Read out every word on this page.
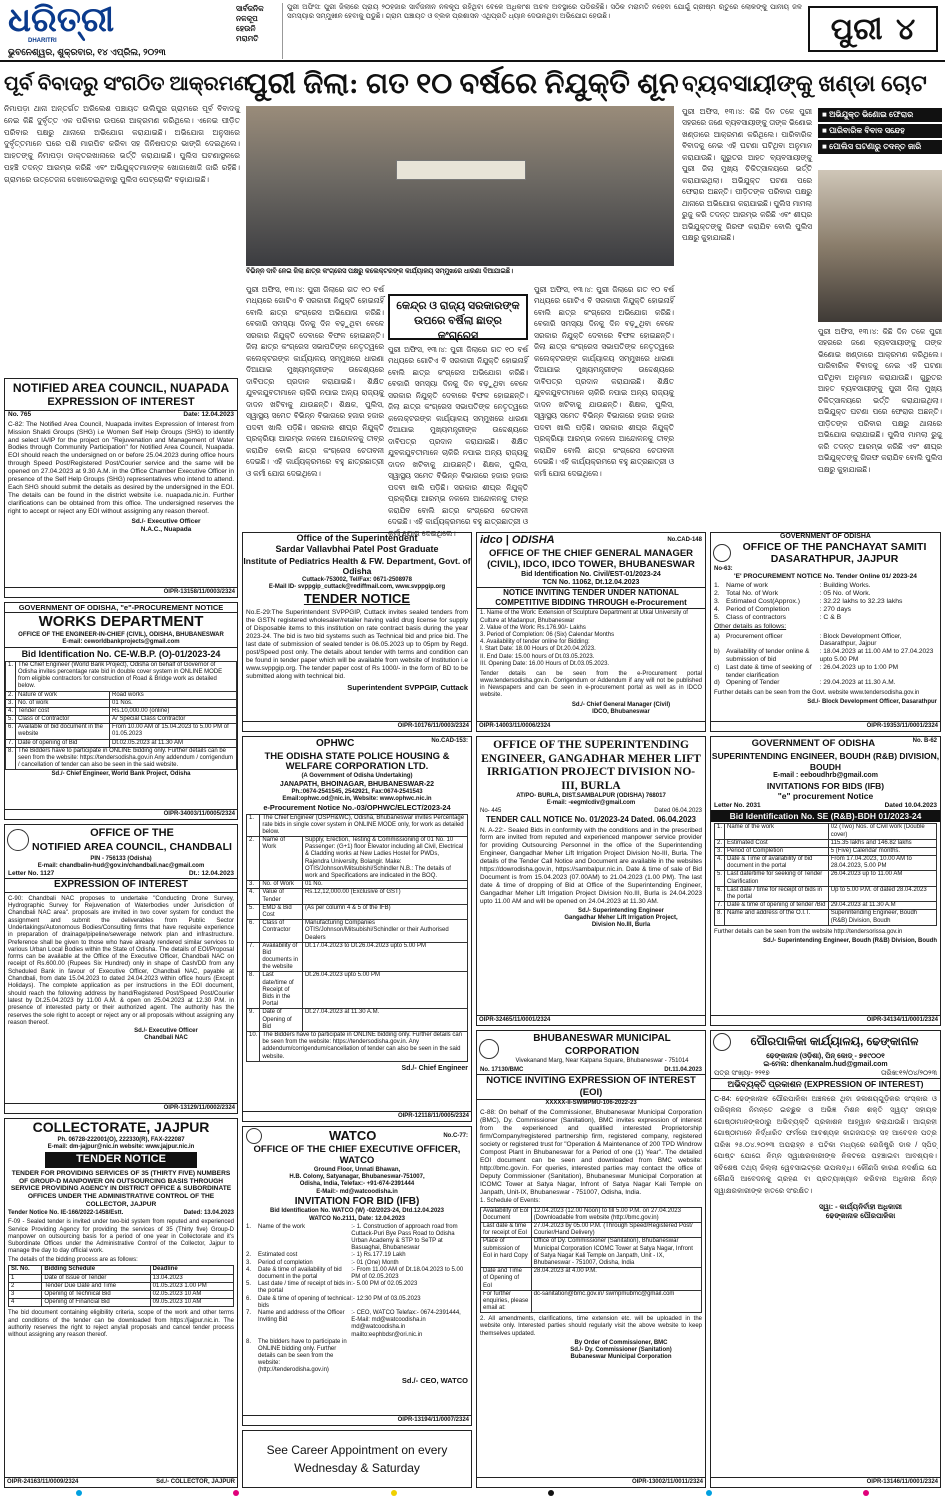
ଧରିତ୍ରୀ
DHARITRI
ଭୁବନେଶ୍ୱର, ଶୁକ୍ରବାର, ୧୪ ଏପ୍ରିଲ, ୨୦୨୩
ସାର୍ବଜନିକ ନଳକୂପ ହେଉନି ମରାମତି
ପୁରୀ ଅଫିସ: ପୁରୀ ଜିଲାରେ ପ୍ରାୟ ୨୦ହଜାର ସାର୍ବଜନୀନ ନଳକୂପ ରହିଥିବା ବେଳେ ଅଧିକାଂଶ ଅଚଳ ଅବସ୍ଥାରେ ପଡିରହିଛି। ସଠିକ ମରାମତି ନହେବା ଯୋଗୁଁ ଗ୍ରୀଷ୍ମ ଋତୁରେ ଲୋକଙ୍କୁ ପାନୀୟ ଜଳ ସମସ୍ୟାର ସମ୍ମୁଖୀନ ହେବାକୁ ପଡୁଛି। ଗ୍ରାମ ପଞ୍ଚାୟତ ଓ ବ୍ଲକ ପ୍ରଶାସନ ଏଥିପ୍ରତି ଧ୍ୟାନ ଦେଉନଥିବା ଅଭିଯୋଗ ହେଉଛି।	ପୁରୀ ୪
ପୂର୍ବ ବିବାଦରୁ ସଂଗଠିତ ଆକ୍ରମଣ
ନିମାପଡ଼ା ଥାନା ଅନ୍ତର୍ଗତ ଅରିଲେଶ ପଞ୍ଚାୟତ ଉଲିପୁର ଗ୍ରାମରେ ପୂର୍ବ ବିବାଦକୁ ନେଇ କିଛି ଦୁର୍ବୃତ୍ତ ଏକ ପରିବାର ଉପରେ ଆକ୍ରମଣ କରିଥିଲେ। ଏନେଇ ପୀଡ଼ିତ ପରିବାର ପକ୍ଷରୁ ଥାନାରେ ଅଭିଯୋଗ କରାଯାଇଛି। ଅଭିଯୋଗ ଅନୁସାରେ ଦୁର୍ବୃତ୍ତମାନେ ଘରେ ପଶି ମାରପିଟ କରିବା ସହ ଜିନିଷପତ୍ର ଭାଙ୍ଗି ଦେଇଥିଲେ। ଆହତଙ୍କୁ ନିମାପଡ଼ା ଡାକ୍ତରଖାନାରେ ଭର୍ତ୍ତି କରାଯାଇଛି। ପୁଲିସ ଘଟଣାସ୍ଥଳରେ ପହଞ୍ଚି ତଦନ୍ତ ଆରମ୍ଭ କରିଛି ଏବଂ ଅଭିଯୁକ୍ତମାନଙ୍କ ଖୋଜାଖୋଜି ଜାରି ରହିଛି। ଗ୍ରାମରେ ଉତ୍ତେଜନା ଦେଖାଦେଇଥିବାରୁ ପୁଲିସ ପେଟ୍ରୋଲିଂ ବଢ଼ାଯାଇଛି।
ପୁରୀ ଜିଲା: ଗତ ୧୦ ବର୍ଷରେ ନିଯୁକ୍ତି ଶୂନ
ବିଭିନ୍ନ ଦାବି ନେଇ ଜିଲା ଛାତ୍ର କଂଗ୍ରେସ ପକ୍ଷରୁ କଲେକ୍ଟରଙ୍କ କାର୍ଯ୍ୟାଳୟ ସମ୍ମୁଖରେ ଧାରଣା ଦିଆଯାଇଛି।
ପୁରୀ ଅଫିସ, ୧୩।୪: ପୁରୀ ଜିଲାରେ ଗତ ୧୦ ବର୍ଷ ମଧ୍ୟରେ ଗୋଟିଏ ବି ସରକାରୀ ନିଯୁକ୍ତି ହୋଇନାହିଁ ବୋଲି ଛାତ୍ର କଂଗ୍ରେସ ଅଭିଯୋଗ କରିଛି। ବେକାରି ସମସ୍ୟା ଦିନକୁ ଦିନ ବଢ଼ୁଥିବା ବେଳେ ସରକାର ନିଯୁକ୍ତି ଦେବାରେ ବିଫଳ ହୋଇଛନ୍ତି। ଜିଲା ଛାତ୍ର କଂଗ୍ରେସ ସଭାପତିଙ୍କ ନେତୃତ୍ୱରେ କଲେକ୍ଟରଙ୍କ କାର୍ଯ୍ୟାଳୟ ସମ୍ମୁଖରେ ଧାରଣା ଦିଆଯାଇ ମୁଖ୍ୟମନ୍ତ୍ରୀଙ୍କ ଉଦ୍ଦେଶ୍ୟରେ ଦାବିପତ୍ର ପ୍ରଦାନ କରାଯାଇଛି। ଶିକ୍ଷିତ ଯୁବକଯୁବତୀମାନେ ଚାକିରି ନପାଇ ଅନ୍ୟ ରାଜ୍ୟକୁ ଦାଦନ ଖଟିବାକୁ ଯାଉଛନ୍ତି। ଶିକ୍ଷକ, ପୁଲିସ, ସ୍ୱାସ୍ଥ୍ୟ ସମେତ ବିଭିନ୍ନ ବିଭାଗରେ ହଜାର ହଜାର ପଦବୀ ଖାଲି ପଡ଼ିଛି। ସରକାର ଶୀଘ୍ର ନିଯୁକ୍ତି ପ୍ରକ୍ରିୟା ଆରମ୍ଭ ନକଲେ ଆନ୍ଦୋଳନକୁ ତୀବ୍ର କରାଯିବ ବୋଲି ଛାତ୍ର କଂଗ୍ରେସ ଚେତାବନୀ ଦେଇଛି। ଏହି କାର୍ଯ୍ୟକ୍ରମରେ ବହୁ ଛାତ୍ରଛାତ୍ରୀ ଓ କର୍ମୀ ଯୋଗ ଦେଇଥିଲେ।
କେନ୍ଦ୍ର ଓ ରାଜ୍ୟ ସରକାରଙ୍କ ଉପରେ ବର୍ଷିଲା ଛାତ୍ର କଂଗ୍ରେସ
ପୁରୀ ଅଫିସ, ୧୩।୪: ପୁରୀ ଜିଲାରେ ଗତ ୧୦ ବର୍ଷ ମଧ୍ୟରେ ଗୋଟିଏ ବି ସରକାରୀ ନିଯୁକ୍ତି ହୋଇନାହିଁ ବୋଲି ଛାତ୍ର କଂଗ୍ରେସ ଅଭିଯୋଗ କରିଛି। ବେକାରି ସମସ୍ୟା ଦିନକୁ ଦିନ ବଢ଼ୁଥିବା ବେଳେ ସରକାର ନିଯୁକ୍ତି ଦେବାରେ ବିଫଳ ହୋଇଛନ୍ତି। ଜିଲା ଛାତ୍ର କଂଗ୍ରେସ ସଭାପତିଙ୍କ ନେତୃତ୍ୱରେ କଲେକ୍ଟରଙ୍କ କାର୍ଯ୍ୟାଳୟ ସମ୍ମୁଖରେ ଧାରଣା ଦିଆଯାଇ ମୁଖ୍ୟମନ୍ତ୍ରୀଙ୍କ ଉଦ୍ଦେଶ୍ୟରେ ଦାବିପତ୍ର ପ୍ରଦାନ କରାଯାଇଛି। ଶିକ୍ଷିତ ଯୁବକଯୁବତୀମାନେ ଚାକିରି ନପାଇ ଅନ୍ୟ ରାଜ୍ୟକୁ ଦାଦନ ଖଟିବାକୁ ଯାଉଛନ୍ତି। ଶିକ୍ଷକ, ପୁଲିସ, ସ୍ୱାସ୍ଥ୍ୟ ସମେତ ବିଭିନ୍ନ ବିଭାଗରେ ହଜାର ହଜାର ପଦବୀ ଖାଲି ପଡ଼ିଛି। ସରକାର ଶୀଘ୍ର ନିଯୁକ୍ତି ପ୍ରକ୍ରିୟା ଆରମ୍ଭ ନକଲେ ଆନ୍ଦୋଳନକୁ ତୀବ୍ର କରାଯିବ ବୋଲି ଛାତ୍ର କଂଗ୍ରେସ ଚେତାବନୀ ଦେଇଛି। ଏହି କାର୍ଯ୍ୟକ୍ରମରେ ବହୁ ଛାତ୍ରଛାତ୍ରୀ ଓ କର୍ମୀ ଯୋଗ ଦେଇଥିଲେ।
ପୁରୀ ଅଫିସ, ୧୩।୪: ପୁରୀ ଜିଲାରେ ଗତ ୧୦ ବର୍ଷ ମଧ୍ୟରେ ଗୋଟିଏ ବି ସରକାରୀ ନିଯୁକ୍ତି ହୋଇନାହିଁ ବୋଲି ଛାତ୍ର କଂଗ୍ରେସ ଅଭିଯୋଗ କରିଛି। ବେକାରି ସମସ୍ୟା ଦିନକୁ ଦିନ ବଢ଼ୁଥିବା ବେଳେ ସରକାର ନିଯୁକ୍ତି ଦେବାରେ ବିଫଳ ହୋଇଛନ୍ତି। ଜିଲା ଛାତ୍ର କଂଗ୍ରେସ ସଭାପତିଙ୍କ ନେତୃତ୍ୱରେ କଲେକ୍ଟରଙ୍କ କାର୍ଯ୍ୟାଳୟ ସମ୍ମୁଖରେ ଧାରଣା ଦିଆଯାଇ ମୁଖ୍ୟମନ୍ତ୍ରୀଙ୍କ ଉଦ୍ଦେଶ୍ୟରେ ଦାବିପତ୍ର ପ୍ରଦାନ କରାଯାଇଛି। ଶିକ୍ଷିତ ଯୁବକଯୁବତୀମାନେ ଚାକିରି ନପାଇ ଅନ୍ୟ ରାଜ୍ୟକୁ ଦାଦନ ଖଟିବାକୁ ଯାଉଛନ୍ତି। ଶିକ୍ଷକ, ପୁଲିସ, ସ୍ୱାସ୍ଥ୍ୟ ସମେତ ବିଭିନ୍ନ ବିଭାଗରେ ହଜାର ହଜାର ପଦବୀ ଖାଲି ପଡ଼ିଛି। ସରକାର ଶୀଘ୍ର ନିଯୁକ୍ତି ପ୍ରକ୍ରିୟା ଆରମ୍ଭ ନକଲେ ଆନ୍ଦୋଳନକୁ ତୀବ୍ର କରାଯିବ ବୋଲି ଛାତ୍ର କଂଗ୍ରେସ ଚେତାବନୀ ଦେଇଛି। ଏହି କାର୍ଯ୍ୟକ୍ରମରେ ବହୁ ଛାତ୍ରଛାତ୍ରୀ ଓ କର୍ମୀ ଯୋଗ ଦେଇଥିଲେ।
ବ୍ୟବସାୟୀଙ୍କୁ ଖଣ୍ଡା ଚୋଟ
ପୁରୀ ଅଫିସ, ୧୩।୪: କିଛି ଦିନ ତଳେ ପୁରୀ ସହରରେ ଜଣେ ବ୍ୟବସାୟୀଙ୍କୁ ତାଙ୍କ ଭିଣୋଇ ଖଣ୍ଡାରେ ଆକ୍ରମଣ କରିଥିଲେ। ପାରିବାରିକ ବିବାଦକୁ ନେଇ ଏହି ଘଟଣା ଘଟିଥିବା ଅନୁମାନ କରାଯାଉଛି। ଗୁରୁତର ଆହତ ବ୍ୟବସାୟୀଙ୍କୁ ପୁରୀ ଜିଲା ମୁଖ୍ୟ ଚିକିତ୍ସାଳୟରେ ଭର୍ତ୍ତି କରାଯାଇଥିଲା। ଅଭିଯୁକ୍ତ ଘଟଣା ପରେ ଫେରାର ଅଛନ୍ତି। ପୀଡ଼ିତଙ୍କ ପରିବାର ପକ୍ଷରୁ ଥାନାରେ ଅଭିଯୋଗ କରାଯାଇଛି। ପୁଲିସ ମାମଲା ରୁଜୁ କରି ତଦନ୍ତ ଆରମ୍ଭ କରିଛି ଏବଂ ଶୀଘ୍ର ଅଭିଯୁକ୍ତଙ୍କୁ ଗିରଫ କରାଯିବ ବୋଲି ପୁଲିସ ପକ୍ଷରୁ କୁହାଯାଇଛି।
■ ଅଭିଯୁକ୍ତ ଭିଣୋଇ ଫେରାର
■ ପାରିବାରିକ ବିବାଦ ସନ୍ଦେହ
■ ପୋଲିସ ଘଟଣାରୁ ତଦନ୍ତ ଜାରି
ପୁରୀ ଅଫିସ, ୧୩।୪: କିଛି ଦିନ ତଳେ ପୁରୀ ସହରରେ ଜଣେ ବ୍ୟବସାୟୀଙ୍କୁ ତାଙ୍କ ଭିଣୋଇ ଖଣ୍ଡାରେ ଆକ୍ରମଣ କରିଥିଲେ। ପାରିବାରିକ ବିବାଦକୁ ନେଇ ଏହି ଘଟଣା ଘଟିଥିବା ଅନୁମାନ କରାଯାଉଛି। ଗୁରୁତର ଆହତ ବ୍ୟବସାୟୀଙ୍କୁ ପୁରୀ ଜିଲା ମୁଖ୍ୟ ଚିକିତ୍ସାଳୟରେ ଭର୍ତ୍ତି କରାଯାଇଥିଲା। ଅଭିଯୁକ୍ତ ଘଟଣା ପରେ ଫେରାର ଅଛନ୍ତି। ପୀଡ଼ିତଙ୍କ ପରିବାର ପକ୍ଷରୁ ଥାନାରେ ଅଭିଯୋଗ କରାଯାଇଛି। ପୁଲିସ ମାମଲା ରୁଜୁ କରି ତଦନ୍ତ ଆରମ୍ଭ କରିଛି ଏବଂ ଶୀଘ୍ର ଅଭିଯୁକ୍ତଙ୍କୁ ଗିରଫ କରାଯିବ ବୋଲି ପୁଲିସ ପକ୍ଷରୁ କୁହାଯାଇଛି।
NOTIFIED AREA COUNCIL, NUAPADA
EXPRESSION OF INTEREST
No. 765	Date: 12.04.2023
C-82: The Notified Area Council, Nuapada invites Expression of Interest from Mission Shakti Groups (SHG) i.e Women Self Help Groups (SHG) to identify and select IA/IP for the project on "Rejuvenation and Management of Water Bodies through Community Participation" for Notified Area Council, Nuapada. EOI should reach the undersigned on or before 25.04.2023 during office hours through Speed Post/Registered Post/Courier service and the same will be opened on 27.04.2023 at 9.30 A.M. in the Office Chamber Executive Officer in presence of the Self Help Groups (SHG) representatives who intend to attend. Each SHG should submit the details as desired by the undersigned in the EOI. The details can be found in the district website i.e. nuapada.nic.in. Further clarifications can be obtained from this office. The undersigned reserves the right to accept or reject any EOI without assigning any reason thereof.
Sd./- Executive Officer
N.A.C., Nuapada
OIPR-13158/11/0003/2324
GOVERNMENT OF ODISHA, "e"-PROCUREMENT NOTICE
WORKS DEPARTMENT
OFFICE OF THE ENGINEER-IN-CHIEF (CIVIL), ODISHA, BHUBANESWAR
E-mail: ceworldbankprojects@gmail.com
Bid Identification No. CE-W.B.P. (O)-01/2023-24
1.	The Chief Engineer (World Bank Project), Odisha on behalf of Governor of Odisha invites percentage rate bid in double cover system in ONLINE MODE from eligible contractors for construction of Road & Bridge work as detailed below.	
2.	Nature of work	Road works
3.	No. of work	01 Nos.
4.	Tender cost	Rs.10,000.00 (online)
5.	Class of Contractor	A/ Special Class Contractor
6.	Available of bid document in the website	From 10.00 AM of 15.04.2023 to 5.00 PM of 01.05.2023
7.	Date of opening of Bid	Dt.02.05.2023 at 11.30 AM
8.	The Bidders have to participate in ONLINE bidding only. Further details can be seen from the website: https://tendersodisha.gov.in Any addendum / corrigendum / cancellation of tender can also be seen in the said website.	
Sd./- Chief Engineer, World Bank Project, Odisha
OIPR-34003/11/0005/2324
OFFICE OF THE
NOTIFIED AREA COUNCIL, CHANDBALI
PIN - 756133 (Odisha)
E-mail: chandbalin-hud@gov.in/chandbali.nac@gmail.com
Letter No. 1127	Dt.: 12.04.2023
EXPRESSION OF INTEREST
C-90: Chandbali NAC proposes to undertake "Conducting Drone Survey, Hydrographic Survey for Rejuvenation of Waterbodies under Jurisdiction of Chandbali NAC area". proposals are invited in two cover system for conduct the assignment and submit the deliverables from Public Sector Undertakings/Autonomous Bodies/Consulting firms that have requisite experience in preparation of drainage/pipeline/sewerage network plan and infrastructure. Preference shall be given to those who have already rendered similar services to various Urban Local Bodies within the State of Odisha. The details of EOI/Proposal forms can be available at the Office of the Executive Officer, Chandbali NAC on receipt of Rs.600.00 (Rupees Six Hundred) only in shape of Cash/DD from any Scheduled Bank in favour of Executive Officer, Chandbali NAC, payable at Chandbali, from date 15.04.2023 to dated 24.04.2023 within office hours (Except Holidays). The complete application as per instructions in the EOI document, should reach the following address by hand/Registered Post/Speed Post/Courier latest by Dt.25.04.2023 by 11.00 A.M. & open on 25.04.2023 at 12.30 P.M. in presence of interested party or their authorized agent. The authority has the reserves the sole right to accept or reject any or all proposals without assigning any reason thereof.
Sd./- Executive Officer
Chandbali NAC
OIPR-13129/11/0002/2324
COLLECTORATE, JAJPUR
Ph. 06728-222001(O), 222330(R), FAX-222087
E-mail: dm-jajpur@nic.in website: www.jajpur.nic.in
TENDER NOTICE
TENDER FOR PROVIDING SERVICES OF 35 (THIRTY FIVE) NUMBERS OF GROUP-D MANPOWER ON OUTSOURCING BASIS THROUGH SERVICE PROVIDING AGENCY IN DISTRICT OFFICE & SUBORDINATE OFFICES UNDER THE ADMINISTRATIVE CONTROL OF THE COLLECTOR, JAJPUR
Tender Notice No. IE-166/2022-1458/Estt.	Dated: 13.04.2023
F-09 - Sealed tender is invited under two-bid system from reputed and experienced Service Providing Agency for providing the services of 35 (Thirty five) Group-D manpower on outsourcing basis for a period of one year in Collectorate and it's Subordinate Offices under the Administrative Control of the Collector, Jajpur to manage the day to day official work.
The details of the bidding process are as follows:
Sl. No.	Bidding Schedule	Deadline
1	Date of Issue of Tender	13.04.2023
2	Tender Due Date and Time	01.05.2023 1.00 PM
3	Opening of Technical Bid	02.05.2023 10 AM
4	Opening of Financial Bid	09.05.2023 10 AM
The bid document containing eligibility criteria, scope of the work and other terms and conditions of the tender can be downloaded from https://jajpur.nic.in. The authority reserves the right to reject any/all proposals and cancel tender process without assigning any reason thereof.
OIPR-24163/11/0009/2324	Sd./- COLLECTOR, JAJPUR
Office of the Superintendent
Sardar Vallavbhai Patel Post Graduate
Institute of Pediatrics Health & FW. Department, Govt. of Odisha
Cuttack-753002, Tel/Fax: 0671-2508978
E-Mail ID- svppgip_cuttack@rediffmail.com, www.svppgip.org
TENDER NOTICE
No.E-29:The Superintendent SVPPGIP, Cuttack invites sealed tenders from the GSTN registered wholesaler/retailer having valid drug license for supply of Disposable items to this institution on rate contract basis during the year 2023-24. The bid is two bid systems such as Technical bid and price bid. The last date of submission of sealed tender is 06.05.2023 up to 05pm by Regd. post/Speed post only. The details about tender with terms and condition can be found in tender paper which will be available from website of Institution i.e www.svppgip.org. The tender paper cost of Rs 1000/- in the form of BD to be submitted along with technical bid.
Superintendent SVPPGIP, Cuttack
OIPR-10176/11/0003/2324
idco | ODISHA	No.CAD-148
OFFICE OF THE CHIEF GENERAL MANAGER (CIVIL), IDCO, IDCO TOWER, BHUBANESWAR
Bid Identification No. Civil/EST-01/2023-24
TCN No. 11062, Dt.12.04.2023
NOTICE INVITING TENDER UNDER NATIONAL COMPETITIVE BIDDING THROUGH e-Procurement
1. Name of the Work: Extension of Sculpture Department at Utkal University of Culture at Madanpur, Bhubaneswar
2. Value of the Work: Rs.176.90/- Lakhs
3. Period of Completion: 06 (Six) Calendar Months
4. Availability of tender online for Bidding:
I. Start Date: 18.00 Hours of Dt.20.04.2023.
II. End Date: 15.00 hours of Dt.03.05.2023.
III. Opening Date: 16.00 Hours of Dt.03.05.2023.
Tender details can be seen from the e-Procurement portal www.tendersodisha.gov.in. Corrigendum or Addendum if any will not be published in Newspapers and can be seen in e-procurement portal as well as in IDCO website.
Sd./- Chief General Manager (Civil)
IDCO, Bhubaneswar
OIPR-14003/11/0006/2324
GOVERNMENT OF ODISHA
OFFICE OF THE PANCHAYAT SAMITI DASARATHPUR, JAJPUR
No-63:
'E' PROCUREMENT NOTICE No. Tender Online 01/ 2023-24
1. Name of work	: Building Works.
2. Total No. of Work	: 05 No. of Work.
3. Estimated Cost(Approx.)	: 32.22 lakhs to 32.23 lakhs
4. Period of Completion	: 270 days
5. Class of contractors	: C & B
Other details as follows:
a) Procurement officer	: Block Development Officer, Dasarathpur, Jajpur
b) Availability of tender online & submission of bid
: 18.04.2023 at 11.00 AM to 27.04.2023 upto 5.00 PM
c)	Last date & time of seeking of tender clarification
: 26.04.2023 up to 1:00 PM
d) Opening of Tender	: 29.04.2023 at 11.30 A.M.
Further details can be seen from the Govt. website www.tendersodisha.gov.in
Sd./- Block Development Officer, Dasarathpur
OIPR-19353/11/0001/2324
OPHWC	No.CAD-153:
THE ODISHA STATE POLICE HOUSING & WELFARE CORPORATION LTD.
(A Government of Odisha Undertaking)
JANAPATH, BHOINAGAR, BHUBANESWAR-22
Ph.:0674-2541545, 2542921, Fax:0674-2541543
Email:ophwc.od@nic.in, Website: www.ophwc.nic.in
e-Procurement Notice No.-03/OPHWC/ELECT/2023-24
1.	The Chief Engineer (OSPH&WC), Odisha, Bhubaneswar invites Percentage rate bids in single cover system in ONLINE MODE only, for work as detailed below.	
2.	Name of Work	Supply, Erection, Testing & Commissioning of 01 No. 10 Passenger: (G+1) floor Elevator including all Civil, Electrical & Cladding works at New Ladies Hostel for PWDs, Rajendra University, Bolangir. Make: OTIS/Johnson/Mitsubishi/Schindler N.B.: The details of work and Specifications are indicated in the BOQ.
3.	No. of Work	01 No.
4.	Value of Tender	Rs.12,12,000.00 (Exclusive of GST)
5.	EMD & Bid Cost	(As per column 4 & 5 of the IFB)
6.	Class of Contractor	Manufacturing Companies OTIS/Johnson/Mitsubishi/Schindler or their Authorised Dealers
7.	Availability of Bid documents in the website	Dt.17.04.2023 to Dt.26.04.2023 upto 5.00 PM
8.	Last date/time of Receipt of Bids in the Portal	Dt.26.04.2023 upto 5.00 PM
9.	Date of Opening of Bid	Dt.27.04.2023 at 11.30 A.M.
10.	The Bidders have to participate in ONLINE bidding only. Further details can be seen from the website: https://tendersodisha.gov.in. Any addendum/corrigendum/cancellation of tender can also be seen in the said website.	
Sd./- Chief Engineer
OIPR-12118/11/0005/2324
OFFICE OF THE SUPERINTENDING ENGINEER, GANGADHAR MEHER LIFT IRRIGATION PROJECT DIVISION NO-III, BURLA
AT/PO- BURLA, DIST.SAMBALPUR (ODISHA) 768017
E-mail: -eegmlcdiv@gmail.com
No- 445	Dated 06.04.2023
TENDER CALL NOTICE No. 01/2023-24 Dated. 06.04.2023
N. A-22:- Sealed Bids in conformity with the conditions and in the prescribed form are invited from reputed and experienced manpower service provider for providing Outsourcing Personnel in the office of the Superintending Engineer, Gangadhar Meher Lift Irrigation Project Division No-III, Burla. The details of the Tender Call Notice and Document are available in the websites https://dowrodisha.gov.in, https://sambalpur.nic.in. Date & time of sale of Bid Document is from 15.04.2023 (07.00AM) to 21.04.2023 (1.00 PM). The last date & time of dropping of Bid at Office of the Superintending Engineer, Gangadhar Meher Lift Irrigation Project Division No.III, Burla is 24.04.2023 upto 11.00 AM and will be opened on 24.04.2023 at 11.30 AM.
Sd./- Superintending Engineer
Gangadhar Meher Lift Irrigation Project,
Division No.III, Burla
OIPR-32465/11/0001/2324
GOVERNMENT OF ODISHA	No. B-62
SUPERINTENDING ENGINEER, BOUDH (R&B) DIVISION, BOUDH
E-mail : eeboudhrb@gmail.com
INVITATIONS FOR BIDS (IFB)
"e" procurement Notice
Letter No. 2031	Dated 10.04.2023
Bid Identification No. SE (R&B)-BDH 01/2023-24
1.	Name of the work	02 (Two) Nos. of Civil work (Double cover)
2.	Estimated Cost	115.35 lakhs and 146.82 lakhs
3.	Period of Completion	5 (Five) Calendar months.
4.	Date & Time of availability of bid document in the portal	From 17.04.2023, 10.00 AM to 28.04.2023, 5.00 PM
5.	Last date/time for seeking of Tender Clarification	26.04.2023 up to 11.00 AM
6.	Last date / time for receipt of bids in the portal	Up to 5.00 P.M. of dated 28.04.2023
7.	Date & time of opening of tender /Bid	29.04.2023 at 11.30 A.M
8.	Name and address of the O.I.T.	Superintending Engineer, Boudh (R&B) Division, Boudh
Further details can be seen from the website http://tendersorissa.gov.in
Sd./- Superintending Engineer, Boudh (R&B) Division, Boudh
OIPR-34134/11/0001/2324
WATCO	No.C-77:
OFFICE OF THE CHIEF EXECUTIVE OFFICER, WATCO
Ground Floor, Unnati Bhawan,
H.B. Colony, Satyanagar, Bhubaneswar-751007,
Odisha, India, Telefax:- +91-674-2391444
E-Mail:- md@watcoodisha.in
INVITATION FOR BID (IFB)
Bid Identification No. WATCO (W) -02/2023-24, Dtd.12.04.2023
WATCO No.2111, Date: 12.04.2023
1.	Name of the work	:- 1. Construction of approach road from Cuttack-Puri Bye Pass Road to Odisha Urban Academy & STP to SeTP at Basuaghai, Bhubaneswar
2.	Estimated cost	:- 1) Rs.177.19 Lakh
3.	Period of completion	:- 01 (One) Month
4.	Date & time of availability of bid document in the portal
:- From 11.00 AM of Dt.18.04.2023 to 5.00 PM of 02.05.2023
5.	Last date / time of receipt of bids in the portal
:- 5.00 PM of 02.05.2023
6.	Date & time of opening of technical bids
:- 12:30 PM of 03.05.2023
7.	Name and address of the Officer Inviting Bid
:- CEO, WATCO Telefax:- 0674-2391444, E-Mail: md@watcoodisha.in md@watcoodisha.in mailto:eephbdsr@ori.nic.in
8.	The bidders have to participate in ONLINE bidding only. Further details can be seen from the website: (http://tenderodisha.gov.in)
Sd./- CEO, WATCO
OIPR-13194/11/0007/2324
See Career Appointment on every Wednesday & Saturday
BHUBANESWAR MUNICIPAL CORPORATION
Vivekanand Marg, Near Kalpana Square, Bhubaneswar - 751014
No. 17130/BMC	Dt.11.04.2023
NOTICE INVITING EXPRESSION OF INTEREST (EOI)
XXXXX-II-SWMPMU-106-2022-23
C-88: On behalf of the Commissioner, Bhubaneswar Municipal Corporation (BMC), Dy. Commissioner (Sanitation), BMC invites expression of interest from the experienced and qualified interested Proprietorship firm/Company/registered partnership firm, registered company, registered society or registered trust for "Operation & Maintenance of 200 TPD Windrow Compost Plant in Bhubaneswar for a Period of one (1) Year". The detailed EOI document can be seen and downloaded from BMC website: http://bmc.gov.in. For queries, interested parties may contact the office of Deputy Commissioner (Sanitation), Bhubaneswar Municipal Corporation at ICOMC Tower at Satya Nagar, Infront of Satya Nagar Kali Temple on Janpath, Unit-IX, Bhubaneswar - 751007, Odisha, India.
1. Schedule of Events:
Availability of EoI Document	12.04.2023 (12.00 Noon) to till 5.00 P.M. on 27.04.2023 (Downloadable from website (http://bmc.gov.in)
Last date & time for receipt of EoI	27.04.2023 by 05.00 P.M. (Through Speed/Registered Post/ Courier/Hand Delivery)
Place of submission of EoI in hard Copy	Office of Dy. Commissioner (Sanitation), Bhubaneswar Municipal Corporation ICOMC Tower at Satya Nagar, Infront of Satya Nagar Kali Temple on Janpath, Unit - IX, Bhubaneswar - 751007, Odisha, India
Date and Time of Opening of EoI	28.04.2023 at 4.00 P.M.
For further enquiries, please email at:	dc-sanitation@bmc.gov.in/ swmpmubmc@gmail.com
2. All amendments, clarifications, time extension etc. will be uploaded in the website only. Interested parties should regularly visit the above website to keep themselves updated.
By Order of Commissioner, BMC
Sd./- Dy. Commissioner (Sanitation)
Bubaneswar Municipal Corporation
OIPR-13002/11/0011/2324
ପୌରପାଳିକା କାର୍ଯ୍ୟାଳୟ, ଢେଙ୍କାନାଳ
ଢେଙ୍କାନାଳ (ଓଡ଼ିଶା), ପିନ୍ କୋଡ୍ - ୭୫୯୦୦୧
ଇ-ମେଲ: dhenkanalm.hud@gmail.com
ପତ୍ର ସଂଖ୍ୟା- ୨୨୧୭	ତାରିଖ:୧୨/୦୪/୨୦୨୩
ଅଭିବ୍ୟକ୍ତି ପ୍ରକାଶନ (EXPRESSION OF INTEREST)
C-84: ଢେଙ୍କାନାଳ ପୌରପାଳିକା ଅଞ୍ଚଳରେ ଥିବା ଜଳାଶୟଗୁଡ଼ିକର ସଂସ୍କାର ଓ ପରିଚାଳନା ନିମନ୍ତେ ଇଚ୍ଛୁକ ଓ ଅଭିଜ୍ଞ ମିଶନ ଶକ୍ତି ସ୍ୱୟଂ ସହାୟକ ଗୋଷ୍ଠୀମାନଙ୍କଠାରୁ ଅଭିବ୍ୟକ୍ତି ପ୍ରକାଶନ ଆହ୍ୱାନ କରାଯାଉଛି। ଆଗ୍ରହୀ ଗୋଷ୍ଠୀମାନେ ନିର୍ଦ୍ଧାରିତ ଫର୍ମରେ ଆବଶ୍ୟକ କାଗଜପତ୍ର ସହ ଆବେଦନ ପତ୍ର ତାରିଖ ୨୫.୦୪.୨୦୨୩ ଅପରାହ୍ନ ୫ ଘଟିକା ମଧ୍ୟରେ ରେଜିଷ୍ଟ୍ରି ଡାକ / ସ୍ପିଡ୍ ପୋଷ୍ଟ ଯୋଗେ ନିମ୍ନ ସ୍ୱାକ୍ଷରକାରୀଙ୍କ ନିକଟରେ ପହଞ୍ଚାଇବା ଆବଶ୍ୟକ। ସବିଶେଷ ତଥ୍ୟ ଜିଲ୍ଲା ୱେବସାଇଟ୍‌ରେ ଉପଲବ୍ଧ। କୌଣସି କାରଣ ନଦର୍ଶାଇ ଯେ କୌଣସି ଆବେଦନକୁ ଗ୍ରହଣ ବା ପ୍ରତ୍ୟାଖ୍ୟାନ କରିବାର ଅଧିକାର ନିମ୍ନ ସ୍ୱାକ୍ଷରକାରୀଙ୍କ ହାତରେ ସଂରକ୍ଷିତ।
ସ୍ୱା: - କାର୍ଯ୍ୟନିର୍ବାହୀ ଅଧିକାରୀ
ଢେଙ୍କାନାଳ ପୌରପାଳିକା
OIPR-13146/11/0001/2324
